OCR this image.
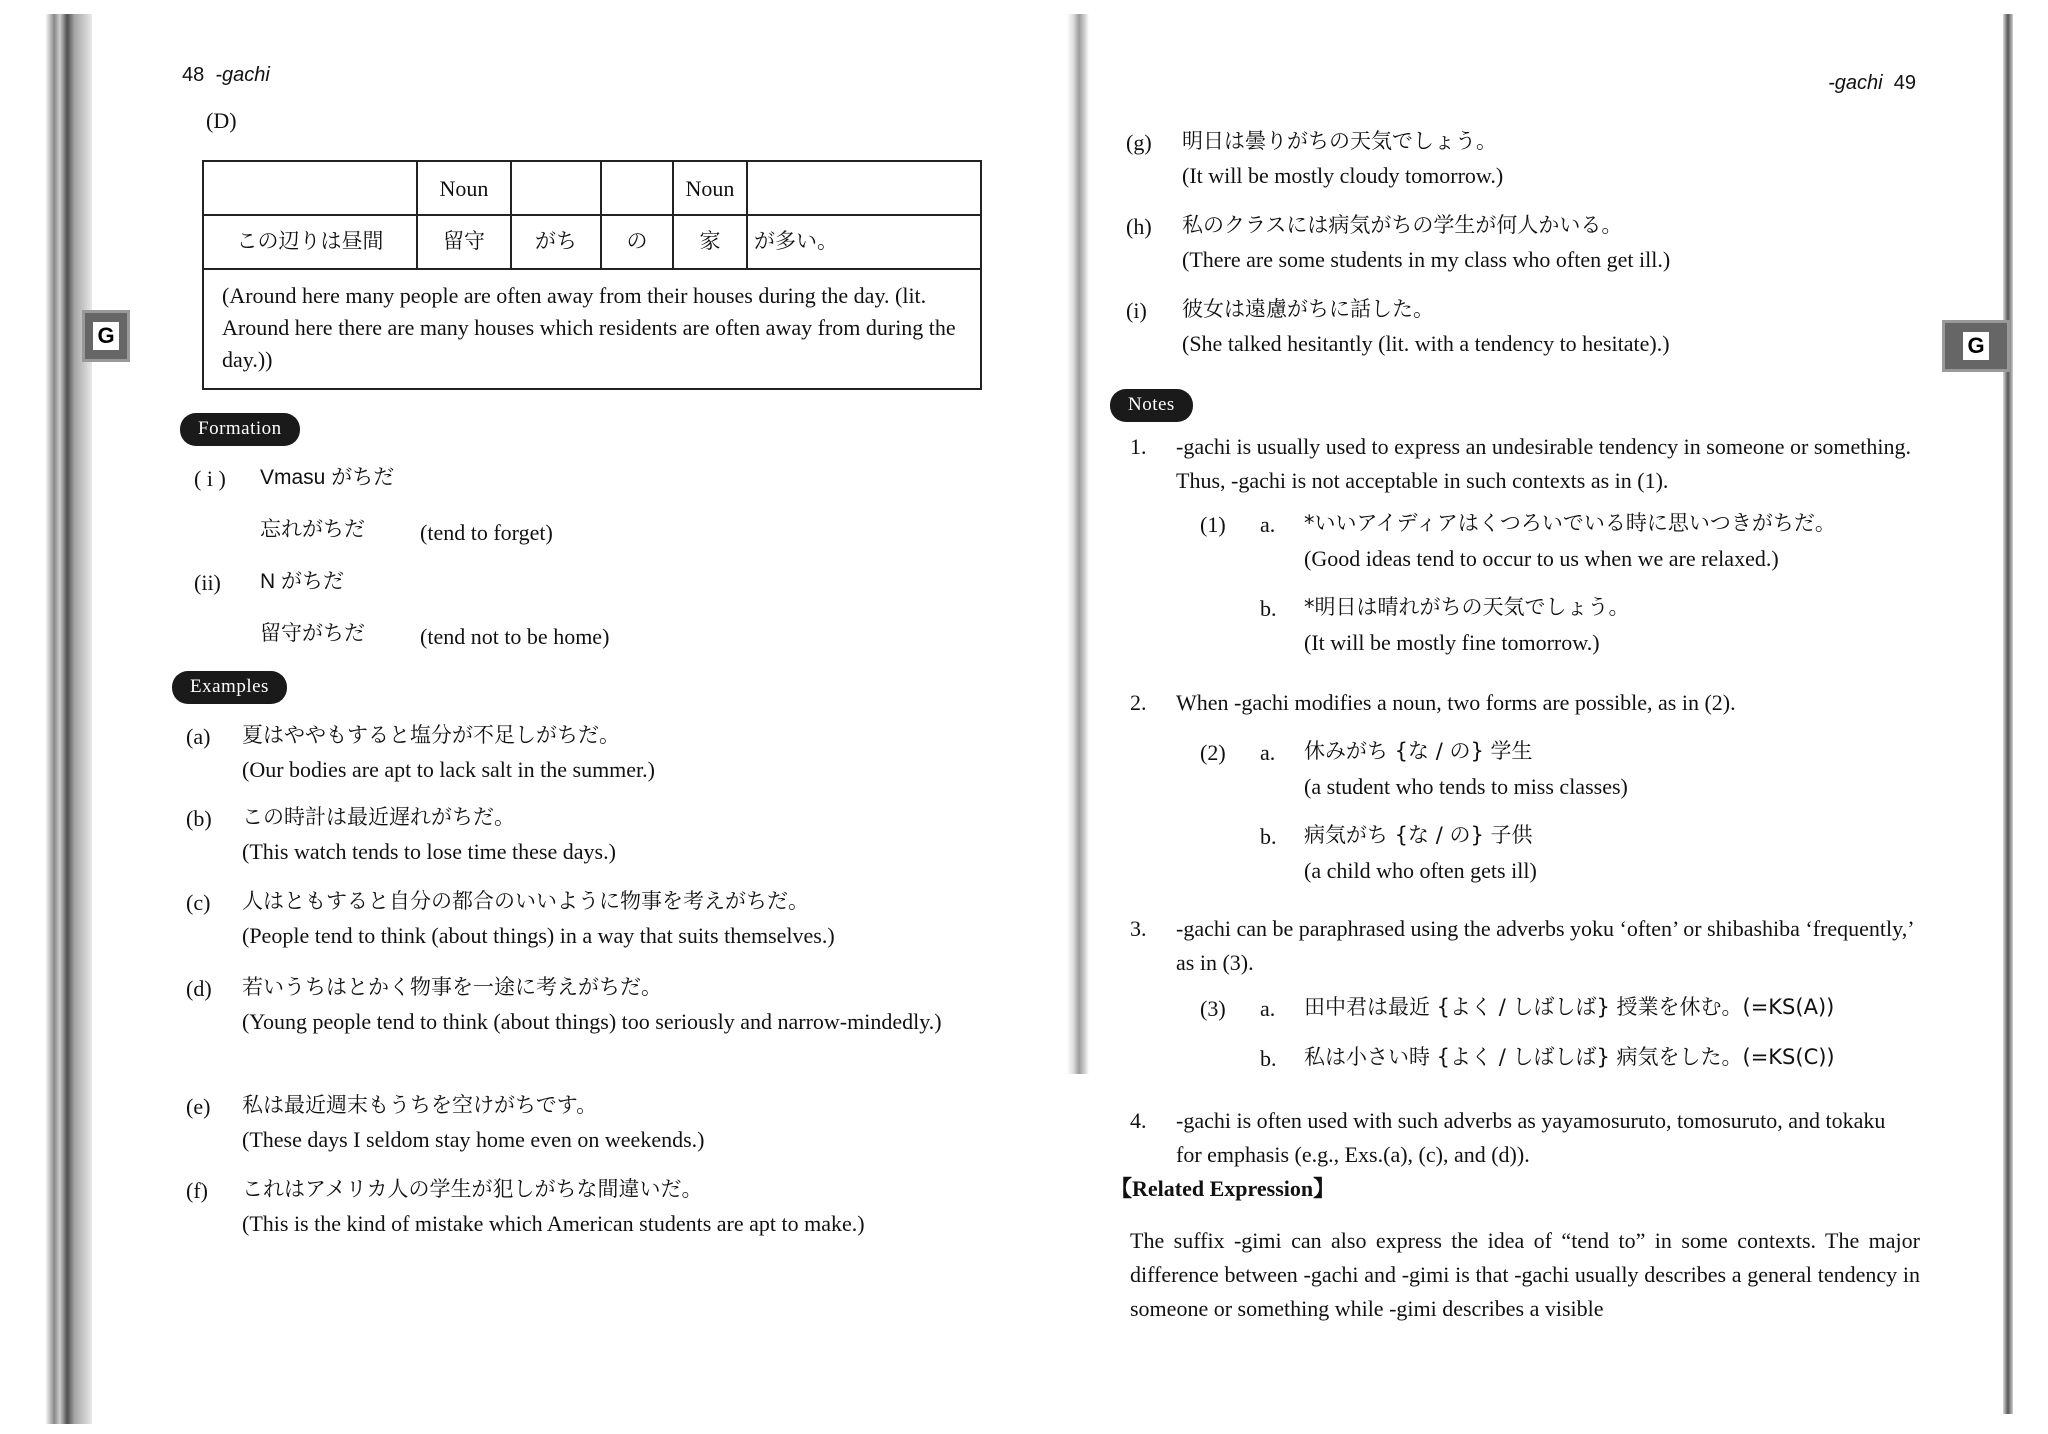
G	G
48 -gachi
(D)
	Noun			Noun	
この辺りは昼間	留守	がち	の	家	が多い。
(Around here many people are often away from their houses during the day. (lit. Around here there are many houses which residents are often away from during the day.))					
Formation
( i ) Vmasu がちだ
忘れがちだ	(tend to forget)
(ii) N がちだ
留守がちだ	(tend not to be home)
Examples
(a)	夏はややもすると塩分が不足しがちだ。
(Our bodies are apt to lack salt in the summer.)
(b)	この時計は最近遅れがちだ。
(This watch tends to lose time these days.)
(c)	人はともすると自分の都合のいいように物事を考えがちだ。
(People tend to think (about things) in a way that suits themselves.)
(d)	若いうちはとかく物事を一途に考えがちだ。
(Young people tend to think (about things) too seriously and narrow-mindedly.)
(e)	私は最近週末もうちを空けがちです。
(These days I seldom stay home even on weekends.)
(f)	これはアメリカ人の学生が犯しがちな間違いだ。
(This is the kind of mistake which American students are apt to make.)
-gachi 49
(g)	明日は曇りがちの天気でしょう。
(It will be mostly cloudy tomorrow.)
(h)	私のクラスには病気がちの学生が何人かいる。
(There are some students in my class who often get ill.)
(i)	彼女は遠慮がちに話した。
(She talked hesitantly (lit. with a tendency to hesitate).)
Notes
1. -gachi is usually used to express an undesirable tendency in someone or something. Thus, -gachi is not acceptable in such contexts as in (1).
(1) a. *いいアイディアはくつろいでいる時に思いつきがちだ。
(Good ideas tend to occur to us when we are relaxed.)
b. *明日は晴れがちの天気でしょう。
(It will be mostly fine tomorrow.)
2. When -gachi modifies a noun, two forms are possible, as in (2).
(2) a. 休みがち {な / の} 学生
(a student who tends to miss classes)
b. 病気がち {な / の} 子供
(a child who often gets ill)
3. -gachi can be paraphrased using the adverbs yoku ‘often’ or shibashiba ‘frequently,’ as in (3).
(3) a. 田中君は最近 {よく / しばしば} 授業を休む。(=KS(A))
b. 私は小さい時 {よく / しばしば} 病気をした。(=KS(C))
4. -gachi is often used with such adverbs as yayamosuruto, tomosuruto, and tokaku for emphasis (e.g., Exs.(a), (c), and (d)).
【Related Expression】
The suffix -gimi can also express the idea of “tend to” in some contexts. The major difference between -gachi and -gimi is that -gachi usually describes a general tendency in someone or something while -gimi describes a visible
